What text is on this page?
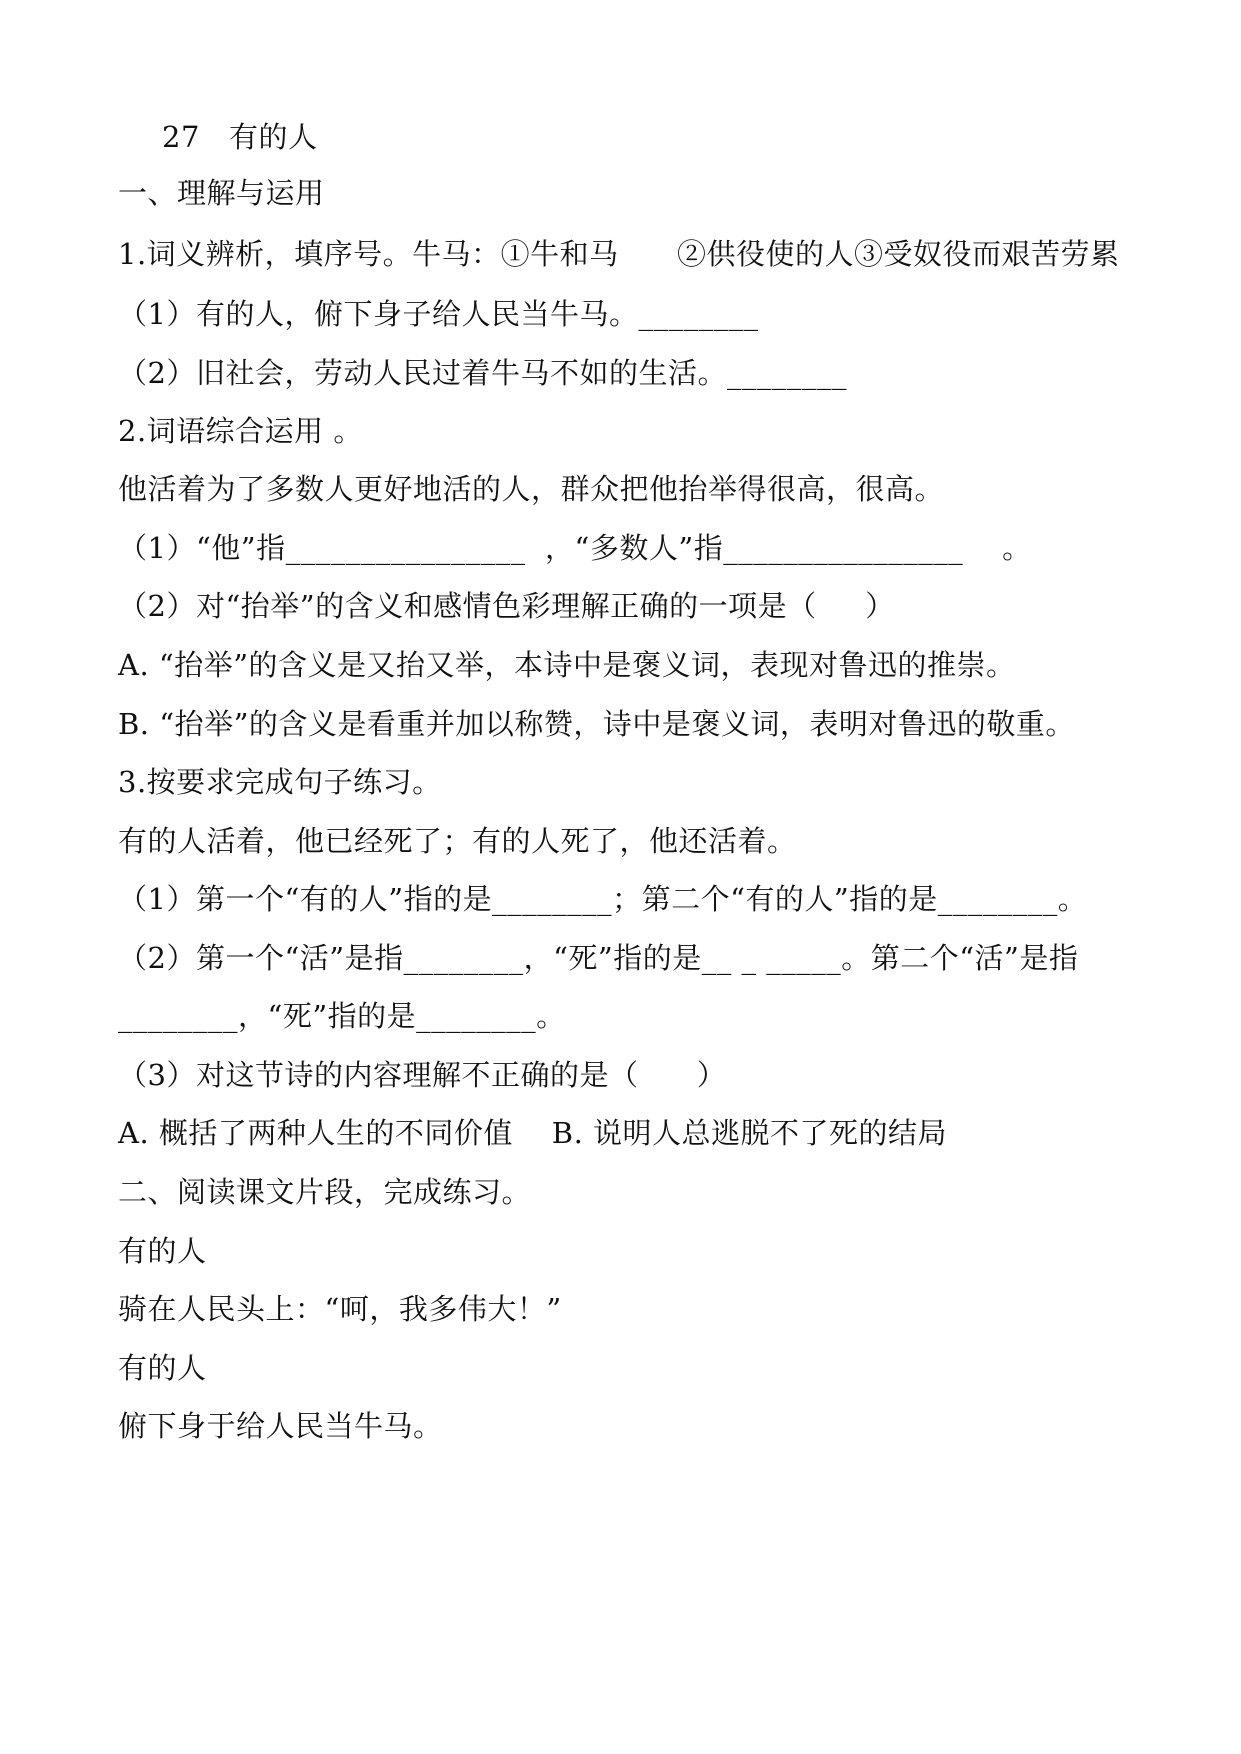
27   有的人
一、理解与运用
1.词义辨析，填序号。牛马：①牛和马      ②供役使的人③受奴役而艰苦劳累
（1）有的人，俯下身子给人民当牛马。________
（2）旧社会，劳动人民过着牛马不如的生活。________
2.词语综合运用 。
他活着为了多数人更好地活的人，群众把他抬举得很高，很高。
（1）“他”指________________  ，“多数人”指________________    。
（2）对“抬举”的含义和感情色彩理解正确的一项是（     ）
A. “抬举”的含义是又抬又举，本诗中是褒义词，表现对鲁迅的推崇。
B. “抬举”的含义是看重并加以称赞，诗中是褒义词，表明对鲁迅的敬重。
3.按要求完成句子练习。
有的人活着，他已经死了；有的人死了，他还活着。
（1）第一个“有的人”指的是________；第二个“有的人”指的是________。
（2）第一个“活”是指________，“死”指的是__ _ _____。第二个“活”是指
________，“死”指的是________。
（3）对这节诗的内容理解不正确的是（      ）
A. 概括了两种人生的不同价值    B. 说明人总逃脱不了死的结局
二、阅读课文片段，完成练习。
有的人
骑在人民头上：“呵，我多伟大！”
有的人
俯下身于给人民当牛马。
